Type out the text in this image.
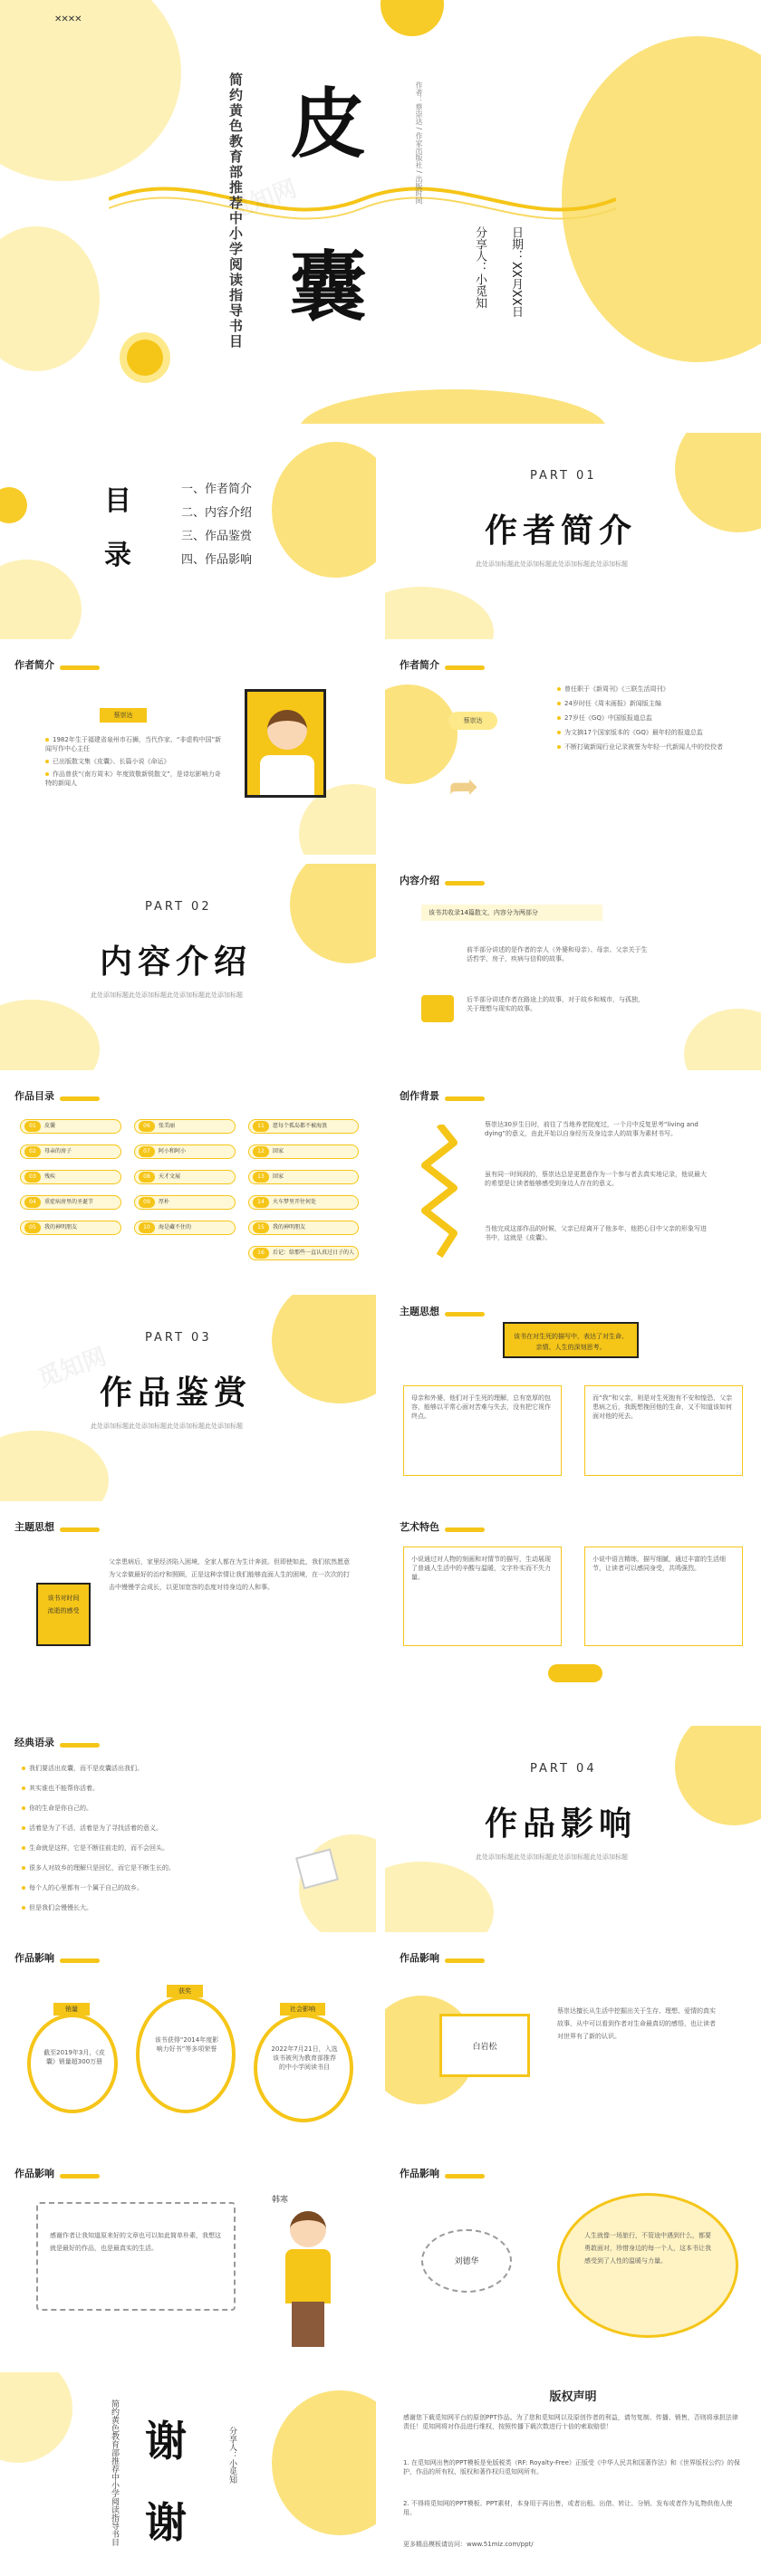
✕✕✕✕
简约黄色教育部推荐中小学阅读指导书目 皮
囊
作者：蔡崇达 / 作家出版社 / 出版时间
分享人：小觅知 日期：XX月XX日
觅知网
目
录
一、作者简介
二、内容介绍
三、作品鉴赏
四、作品影响
PART 01
作者简介
此处添加标题此处添加标题此处添加标题此处添加标题
作者简介
蔡崇达
1982年生于福建省泉州市石狮，当代作家、“非虚构中国”新闻写作中心主任
已出版散文集《皮囊》、长篇小说《命运》
作品曾获“《南方周末》年度致敬新锐散文”，是诗坛影响力奇特的新闻人
作者简介
蔡崇达
➦
曾任职于《新周刊》《三联生活周刊》
24岁时任《周末画报》新闻版主编
27岁任《GQ》中国版报道总监
为文摘17个国家版本的《GQ》最年轻的报道总监
不断打破新闻行业记录被誉为年轻一代新闻人中的佼佼者
PART 02
内容介绍
此处添加标题此处添加标题此处添加标题此处添加标题
内容介绍
该书共收录14篇散文，内容分为两部分
前半部分讲述的是作者的亲人（外婆和母亲）、母亲、父亲关于生活哲学，房子，疾病与信仰的故事。
后半部分讲述作者在路途上的故事，对于故乡和城市，与孤独，关于理想与现实的故事。
作品目录
01 皮囊
02 母亲的房子
03 残疾
04 重症病房里的圣诞节
05 我的神明朋友
06 张美丽
07 阿小和阿小
08 天才文展
09 厚朴
10 海是藏不住的
11 愿每个孤岛都不被海浪
12 回家
13 回家
14 火车梦里开往何处
15 我的神明朋友
16 后记：给那些一直认真过日子的人
创作背景
蔡崇达30岁生日时，前往了当地养老院度过，一个月中反复思考“living and dying”的意义，由此开始以自身经历及身边亲人的故事为素材书写。
虽有同一时间段的，蔡崇达总是更愿意作为一个参与者去真实地记录，他说最大的希望是让读者能够感受到身边人存在的意义。
当他完成这部作品的时候，父亲已经离开了他多年，他把心目中父亲的形象写进书中，这就是《皮囊》。
PART 03
作品鉴赏
此处添加标题此处添加标题此处添加标题此处添加标题
觅知网
主题思想
该书在对生死的描写中，表达了对生命、亲情、人生的深刻思考。
母亲和外婆，他们对于生死的理解，总有宽厚的包容，能够以平常心面对苦难与失去，没有把它视作终点。
而“我”和父亲，则是对生死抱有不安和惶恐，父亲患病之后，我既想挽回他的生命，又不知道该如何面对他的死去。
主题思想
该书对时间流逝的感受
父亲患病后，家里经济陷入困境，全家人都在为生计奔波。但即使如此，我们依然愿意为父亲做最好的治疗和照顾，正是这种亲情让我们能够直面人生的困境，在一次次的打击中慢慢学会成长，以更加宽容的态度对待身边的人和事。
艺术特色
小说通过对人物的刻画和对情节的描写，生动展现了普通人生活中的辛酸与温暖，文字朴实而不失力量。
小说中语言精练，描写细腻，通过丰富的生活细节，让读者可以感同身受，共鸣强烈。
经典语录
我们要活出皮囊，而不是皮囊活出我们。
其实谁也不能帮你活着。
你的生命是你自己的。
活着是为了不活，活着是为了寻找活着的意义。
生命就是这样，它是不断往前走的，而不会回头。
很多人对故乡的理解只是回忆，而它是不断生长的。
每个人的心里都有一个属于自己的故乡。
但是我们会慢慢长大。
PART 04
作品影响
此处添加标题此处添加标题此处添加标题此处添加标题
作品影响
销量
截至2019年3月，《皮囊》销量超300万册
获奖
该书获得“2014年度影响力好书”等多项荣誉
社会影响
2022年7月21日，入选该书被列为教育部推荐的中小学阅读书目
作品影响
白岩松
蔡崇达擅长从生活中挖掘出关于生存、理想、爱情的真实故事，从中可以看到作者对生命最真切的感悟，也让读者对世界有了新的认识。
作品影响
感谢作者让我知道原来好的文章也可以如此简单朴素，我想这就是最好的作品，也是最真实的生活。
韩寒
作品影响
刘德华
人生就像一场旅行，不管途中遇到什么，都要勇敢面对，珍惜身边的每一个人，这本书让我感受到了人性的温暖与力量。
简约黄色教育部推荐中小学阅读指导书目 谢
谢
分享人：小觅知
版权声明
感谢您下载觅知网平台的原创PPT作品。为了您和觅知网以及原创作者的利益，请勿复制、传播、销售，否则将承担法律责任！觅知网将对作品进行维权，按照传播下载次数进行十倍的索取赔偿！
1. 在觅知网出售的PPT模板是免版税类（RF: Royalty-Free）正版受《中华人民共和国著作法》和《世界版权公约》的保护，作品的所有权、版权和著作权归觅知网所有。
2. 不得将觅知网的PPT模板、PPT素材，本身用于再出售，或者出租、出借、转让、分销、发布或者作为礼物供他人使用。
更多精品模板请访问：www.51miz.com/ppt/
